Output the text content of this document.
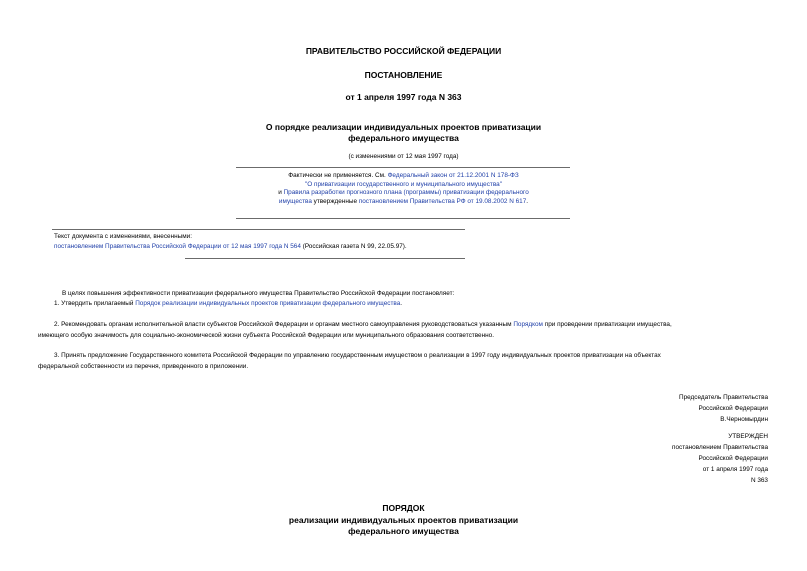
ПРАВИТЕЛЬСТВО РОССИЙСКОЙ ФЕДЕРАЦИИ
ПОСТАНОВЛЕНИЕ
от 1 апреля 1997 года N 363
О порядке реализации индивидуальных проектов приватизации
федерального имущества
(с изменениями от 12 мая 1997 года)
Фактически не применяется. См. Федеральный закон от 21.12.2001 N 178-ФЗ
"О приватизации государственного и муниципального имущества"
и Правила разработки прогнозного плана (программы) приватизации федерального
имущества утвержденные постановлением Правительства РФ от 19.08.2002 N 617.
Текст документа с изменениями, внесенными:
постановлением Правительства Российской Федерации от 12 мая 1997 года N 564 (Российская газета N 99, 22.05.97).
В целях повышения эффективности приватизации федерального имущества Правительство Российской Федерации постановляет:
1. Утвердить прилагаемый Порядок реализации индивидуальных проектов приватизации федерального имущества.
2. Рекомендовать органам исполнительной власти субъектов Российской Федерации и органам местного самоуправления руководствоваться указанным Порядком при проведении приватизации имущества,
имеющего особую значимость для социально-экономической жизни субъекта Российской Федерации или муниципального образования соответственно.
3. Принять предложение Государственного комитета Российской Федерации по управлению государственным имуществом о реализации в 1997 году индивидуальных проектов приватизации на объектах
федеральной собственности из перечня, приведенного в приложении.
Председатель Правительства
Российской Федерации
В.Черномырдин
УТВЕРЖДЕН
постановлением Правительства
Российской Федерации
от 1 апреля 1997 года
N 363
ПОРЯДОК
реализации индивидуальных проектов приватизации
федерального имущества
